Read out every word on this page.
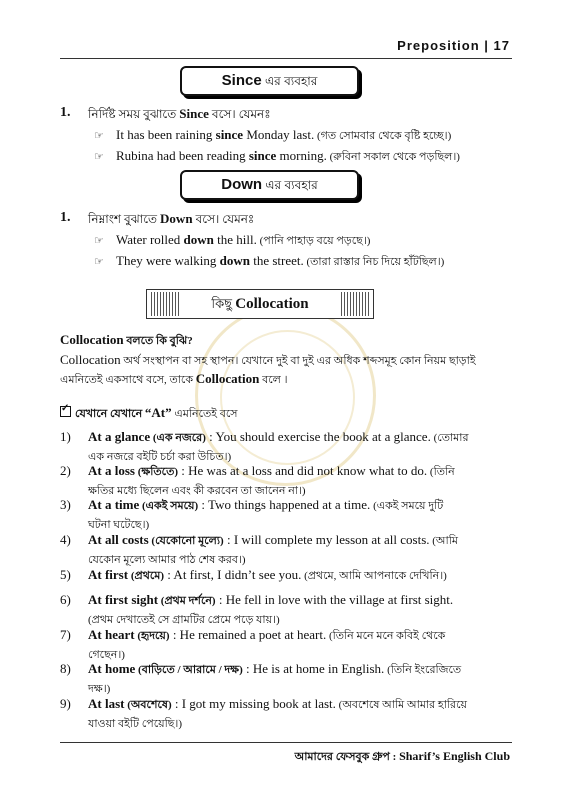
Preposition | 17
Since এর ব্যবহার
1. নির্দিষ্ট সময় বুঝাতে Since বসে। যেমনঃ
☞ It has been raining since Monday last. (গত সোমবার থেকে বৃষ্টি হচ্ছে।)
☞ Rubina had been reading since morning. (রুবিনা সকাল থেকে পড়ছিল।)
Down এর ব্যবহার
1. নিম্নাংশ বুঝাতে Down বসে। যেমনঃ
☞ Water rolled down the hill. (পানি পাহাড় বয়ে পড়ছে।)
☞ They were walking down the street. (তারা রাস্তার নিচ দিয়ে হাঁটছিল।)
কিছু Collocation
Collocation বলতে কি বুঝি?
Collocation অর্থ সংস্থাপন বা সহ স্থাপন। যেখানে দুই বা দুই এর অধিক শব্দসমূহ কোন নিয়ম ছাড়াই
এমনিতেই একসাথে বসে, তাকে Collocation বলে ।
✓যেখানে যেখানে “At” এমনিতেই বসে
1) At a glance (এক নজরে) : You should exercise the book at a glance. (তোমার
এক নজরে বইটি চর্চা করা উচিত।)
2) At a loss (ক্ষতিতে) : He was at a loss and did not know what to do. (তিনি
ক্ষতির মধ্যে ছিলেন এবং কী করবেন তা জানেন না।)
3) At a time (একই সময়ে) : Two things happened at a time. (একই সময়ে দুটি
ঘটনা ঘটেছে।)
4) At all costs (যেকোনো মূল্যে) : I will complete my lesson at all costs. (আমি
যেকোন মূল্যে আমার পাঠ শেষ করব।)
5) At first (প্রথমে) : At first, I didn’t see you. (প্রথমে, আমি আপনাকে দেখিনি।)
6) At first sight (প্রথম দর্শনে) : He fell in love with the village at first sight.
(প্রথম দেখাতেই সে গ্রামটির প্রেমে পড়ে যায়।)
7) At heart (হৃদয়ে) : He remained a poet at heart. (তিনি মনে মনে কবিই থেকে
গেছেন।)
8) At home (বাড়িতে / আরামে / দক্ষ) : He is at home in English. (তিনি ইংরেজিতে
দক্ষ।)
9) At last (অবশেষে) : I got my missing book at last. (অবশেষে আমি আমার হারিয়ে
যাওয়া বইটি পেয়েছি।)
আমাদের ফেসবুক গ্রুপ : Sharif’s English Club
